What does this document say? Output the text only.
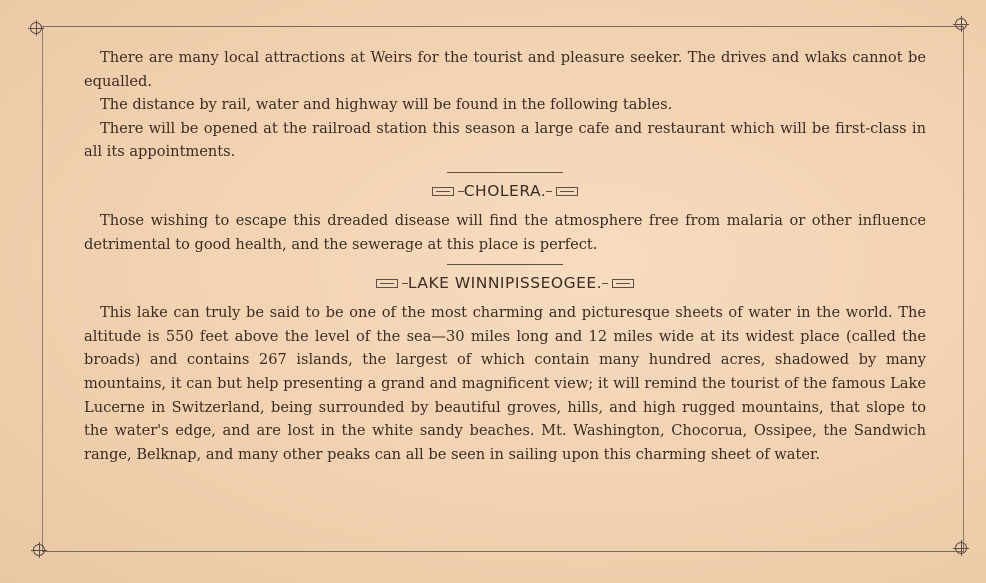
There are many local attractions at Weirs for the tourist and pleasure seeker. The drives and wlaks cannot be equalled.

The distance by rail, water and highway will be found in the following tables.

There will be opened at the railroad station this season a large cafe and restaurant which will be first-class in all its appointments.

CHOLERA.

Those wishing to escape this dreaded disease will find the atmosphere free from malaria or other influence detrimental to good health, and the sewerage at this place is perfect.

LAKE WINNIPISSEOGEE.

This lake can truly be said to be one of the most charming and picturesque sheets of water in the world. The altitude is 550 feet above the level of the sea—30 miles long and 12 miles wide at its widest place (called the broads) and contains 267 islands, the largest of which contain many hundred acres, shadowed by many mountains, it can but help presenting a grand and magnificent view; it will remind the tourist of the famous Lake Lucerne in Switzerland, being surrounded by beautiful groves, hills, and high rugged mountains, that slope to the water's edge, and are lost in the white sandy beaches. Mt. Washington, Chocorua, Ossipee, the Sandwich range, Belknap, and many other peaks can all be seen in sailing upon this charming sheet of water.
